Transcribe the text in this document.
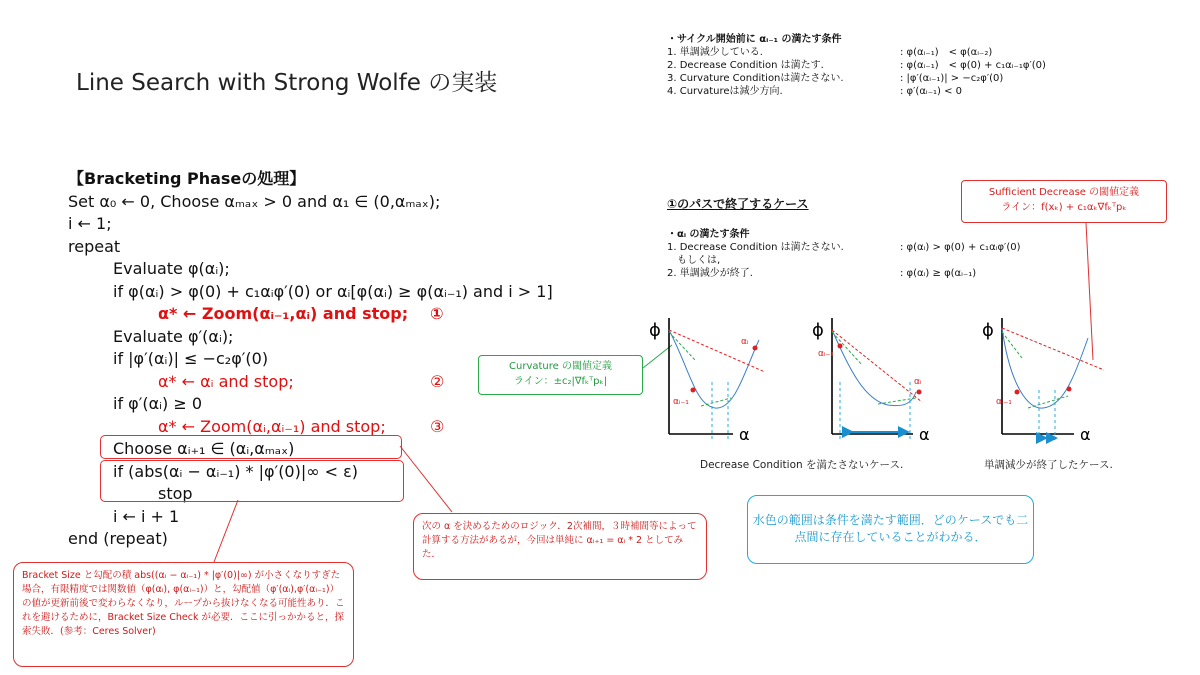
Line Search with Strong Wolfe の実装
・サイクル開始前に αᵢ₋₁ の満たす条件
1. 単調減少している.	: φ(αᵢ₋₁)　< φ(αᵢ₋₂)
2. Decrease Condition は満たす.	: φ(αᵢ₋₁)　< φ(0) + c₁αᵢ₋₁φ′(0)
3. Curvature Conditionは満たさない.	: |φ′(αᵢ₋₁)| > −c₂φ′(0)
4. Curvatureは減少方向.	: φ′(αᵢ₋₁) < 0
【Bracketing Phaseの処理】
Set α₀ ← 0, Choose αₘₐₓ > 0 and α₁ ∈ (0,αₘₐₓ);
i ← 1;
repeat
Evaluate φ(αᵢ);
if φ(αᵢ) > φ(0) + c₁αᵢφ′(0) or αᵢ[φ(αᵢ) ≥ φ(αᵢ₋₁) and i > 1]
α* ← Zoom(αᵢ₋₁,αᵢ) and stop; ①
Evaluate φ′(αᵢ);
if |φ′(αᵢ)| ≤ −c₂φ′(0)
α* ← αᵢ and stop;	②
if φ′(αᵢ) ≥ 0
α* ← Zoom(αᵢ,αᵢ₋₁) and stop;	③
Choose αᵢ₊₁ ∈ (αᵢ,αₘₐₓ)
if (abs(αᵢ − αᵢ₋₁) * |φ′(0)|∞ < ε)
stop
i ← i + 1
end (repeat)
次の α を決めるためのロジック．2次補間，３時補間等によって計算する方法があるが，今回は単純に αᵢ₊₁ = αᵢ * 2 としてみた．
Bracket Size と勾配の積 abs((αᵢ − αᵢ₋₁) * |φ′(0)|∞) が小さくなりすぎた場合，有限精度では関数値（φ(αᵢ), φ(αᵢ₋₁)）と，勾配値（φ′(αᵢ),φ′(αᵢ₋₁)）の値が更新前後で変わらなくなり，ループから抜けなくなる可能性あり．これを避けるために，Bracket Size Check が必要．ここに引っかかると，探索失敗．(参考：Ceres Solver)
水色の範囲は条件を満たす範囲．どのケースでも二点間に存在していることがわかる．
①のパスで終了するケース
・αᵢ の満たす条件
1. Decrease Condition は満たさない.	: φ(αᵢ) > φ(0) + c₁αᵢφ′(0)
もしくは,
2. 単調減少が終了.	: φ(αᵢ) ≥ φ(αᵢ₋₁)
ϕ
α
αᵢ₋₁
αᵢ
ϕ
α
αᵢ₋₁
αᵢ
ϕ
α
αᵢ₋₁
Decrease Condition を満たさないケース.	単調減少が終了したケース.
Curvature の閾値定義
ライン：±c₂|∇fₖᵀpₖ|
Sufficient Decrease の閾値定義
ライン：f(xₖ) + c₁αₖ∇fₖᵀpₖ
